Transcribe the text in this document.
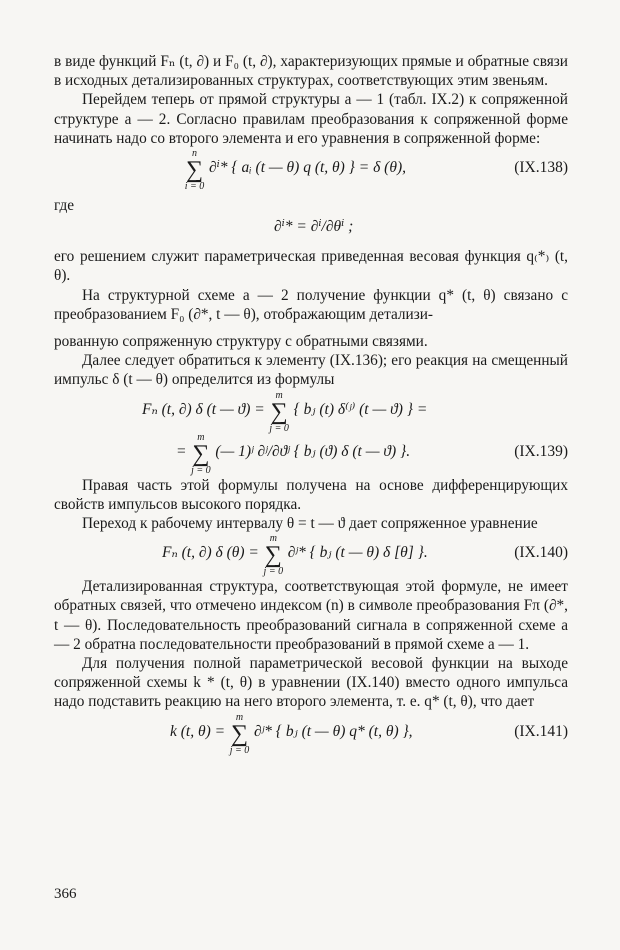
в виде функций Fₙ (t, ∂) и F₀ (t, ∂), характеризующих прямые и обратные связи в исходных детализированных структурах, соответствующих этим звеньям.

Перейдем теперь от прямой структуры а — 1 (табл. IX.2) к сопряженной структуре а — 2. Согласно правилам преобразования к сопряженной форме начинать надо со второго элемента и его уравнения в сопряженной форме:

∑
n
i = 0
∂ⁱ* { aᵢ (t — θ) q (t, θ) } = δ (θ),	(IX.138)

где

∂ⁱ* = ∂ⁱ/∂θⁱ ;

его решением служит параметрическая приведенная весовая функция q₍*₎ (t, θ).

На структурной схеме а — 2 получение функции q* (t, θ) связано с преобразованием F₀ (∂*, t — θ), отображающим детализи-

рованную сопряженную структуру с обратными связями.

Далее следует обратиться к элементу (IX.136); его реакция на смещенный импульс δ (t — θ) определится из формулы

Fₙ (t, ∂) δ (t — ϑ) = ∑
m
j = 0
{ bⱼ (t) δ⁽ʲ⁾ (t — ϑ) } =
= ∑
m
j = 0
(— 1)ʲ ∂ʲ/∂ϑʲ { bⱼ (ϑ) δ (t — ϑ) }.	(IX.139)

Правая часть этой формулы получена на основе дифференцирующих свойств импульсов высокого порядка.

Переход к рабочему интервалу θ = t — ϑ дает сопряженное уравнение

Fₙ (t, ∂) δ (θ) = ∑
m
j = 0
∂ʲ* { bⱼ (t — θ) δ [θ] }.	(IX.140)

Детализированная структура, соответствующая этой формуле, не имеет обратных связей, что отмечено индексом (n) в символе преобразования Fπ (∂*, t — θ). Последовательность преобразований сигнала в сопряженной схеме а — 2 обратна последовательности преобразований в прямой схеме а — 1.

Для получения полной параметрической весовой функции на выходе сопряженной схемы k * (t, θ) в уравнении (IX.140) вместо одного импульса надо подставить реакцию на него второго элемента, т. е. q* (t, θ), что дает

k (t, θ) = ∑
m
j = 0
∂ʲ* { bⱼ (t — θ) q* (t, θ) },	(IX.141)
366
